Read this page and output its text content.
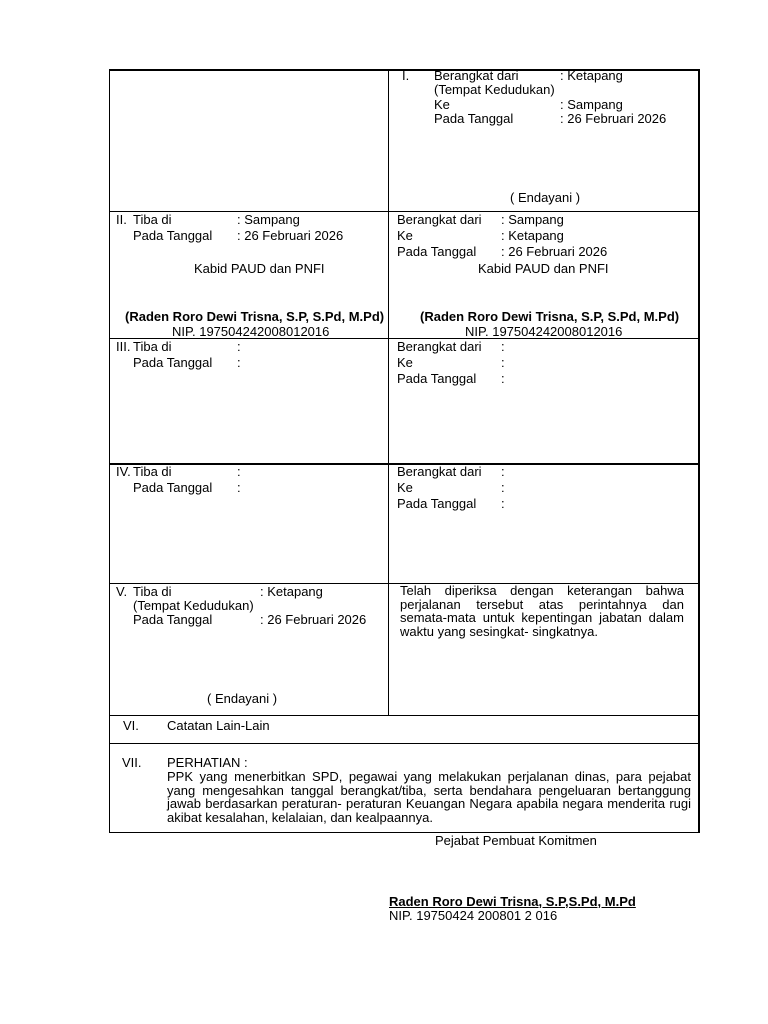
I. Berangkat dari	: Ketapang
(Tempat Kedudukan)
Ke	: Sampang
Pada Tanggal	: 26 Februari 2026
( Endayani )
II. Tiba di	: Sampang
Pada Tanggal : 26 Februari 2026
Kabid PAUD dan PNFI
(Raden Roro Dewi Trisna, S.P, S.Pd, M.Pd)
NIP. 197504242008012016
Berangkat dari : Sampang
Ke	: Ketapang
Pada Tanggal : 26 Februari 2026
Kabid PAUD dan PNFI
(Raden Roro Dewi Trisna, S.P, S.Pd, M.Pd)
NIP. 197504242008012016
III. Tiba di	:
Pada Tanggal :
Berangkat dari :
Ke	:
Pada Tanggal :
IV. Tiba di	:
Pada Tanggal :
Berangkat dari :
Ke	:
Pada Tanggal :
V. Tiba di	: Ketapang
(Tempat Kedudukan)
Pada Tanggal	: 26 Februari 2026
( Endayani )
Telah diperiksa dengan keterangan bahwa perjalanan tersebut atas perintahnya dan semata-mata untuk kepentingan jabatan dalam waktu yang sesingkat- singkatnya.
VI. Catatan Lain-Lain
VII. PERHATIAN :
PPK yang menerbitkan SPD, pegawai yang melakukan perjalanan dinas, para pejabat yang mengesahkan tanggal berangkat/tiba, serta bendahara pengeluaran bertanggung jawab berdasarkan peraturan- peraturan Keuangan Negara apabila negara menderita rugi akibat kesalahan, kelalaian, dan kealpaannya.
Pejabat Pembuat Komitmen
Raden Roro Dewi Trisna, S.P,S.Pd, M.Pd
NIP. 19750424 200801 2 016
